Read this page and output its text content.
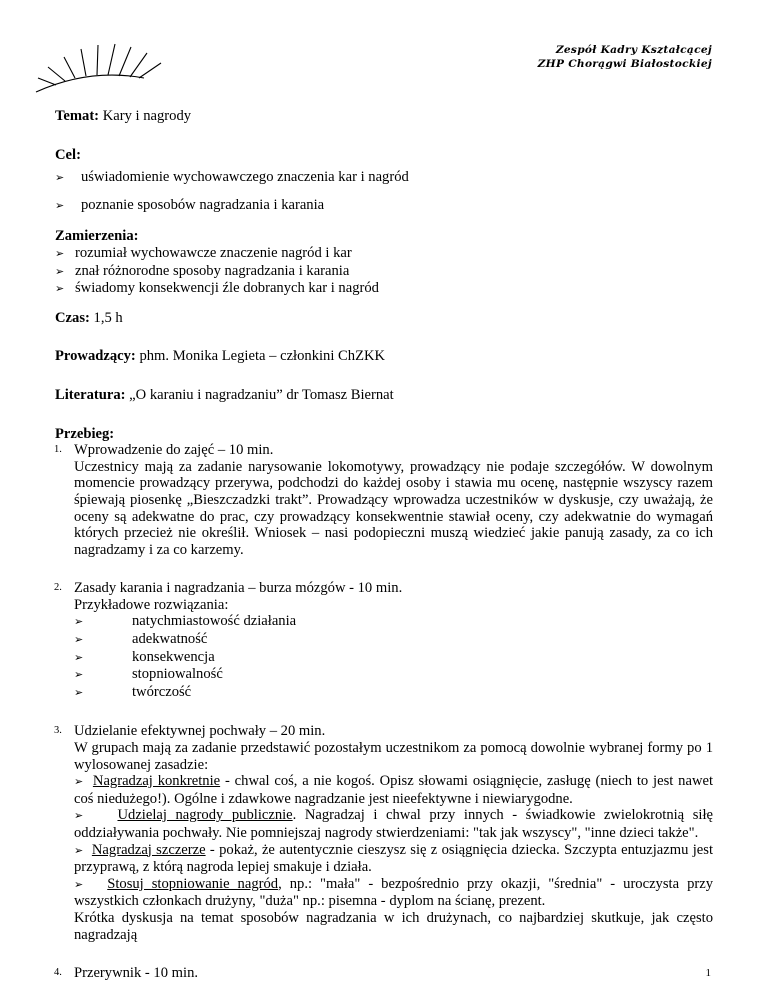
Zespół Kadry Kształcącej
ZHP Chorągwi Białostockiej

Temat: Kary i nagrody

Cel:

➢	uświadomienie wychowawczego znaczenia kar i nagród
➢	poznanie sposobów nagradzania i karania

Zamierzenia:

➢ rozumiał wychowawcze znaczenie nagród i kar
➢ znał różnorodne sposoby nagradzania i karania
➢ świadomy konsekwencji źle dobranych kar i nagród

Czas: 1,5 h

Prowadzący: phm. Monika Legieta – członkini ChZKK

Literatura: „O karaniu i nagradzaniu” dr Tomasz Biernat

Przebieg:

1. Wprowadzenie do zajęć – 10 min.

Uczestnicy mają za zadanie narysowanie lokomotywy, prowadzący nie podaje szczegółów. W dowolnym momencie prowadzący przerywa, podchodzi do każdej osoby i stawia mu ocenę, następnie wszyscy razem śpiewają piosenkę „Bieszczadzki trakt”. Prowadzący wprowadza uczestników w dyskusje, czy uważają, że oceny są adekwatne do prac, czy prowadzący konsekwentnie stawiał oceny, czy adekwatnie do wymagań których przecież nie określił. Wniosek – nasi podopieczni muszą wiedzieć jakie panują zasady, za co ich nagradzamy i za co karzemy.

2. Zasady karania i nagradzania – burza mózgów - 10 min.

Przykładowe rozwiązania:

➢	natychmiastowość działania
➢	adekwatność
➢	konsekwencja
➢	stopniowalność
➢	twórczość
3. Udzielanie efektywnej pochwały – 20 min.

W grupach mają za zadanie przedstawić pozostałym uczestnikom za pomocą dowolnie wybranej formy po 1 wylosowanej zasadzie:

➢ Nagradzaj konkretnie - chwal coś, a nie kogoś. Opisz słowami osiągnięcie, zasługę (niech to jest nawet coś niedużego!). Ogólne i zdawkowe nagradzanie jest nieefektywne i niewiarygodne.

➢ Udzielaj nagrody publicznie. Nagradzaj i chwal przy innych - świadkowie zwielokrotnią siłę oddziaływania pochwały. Nie pomniejszaj nagrody stwierdzeniami: "tak jak wszyscy", "inne dzieci także".

➢ Nagradzaj szczerze - pokaż, że autentycznie cieszysz się z osiągnięcia dziecka. Szczypta entuzjazmu jest przyprawą, z którą nagroda lepiej smakuje i działa.

➢ Stosuj stopniowanie nagród, np.: "mała" - bezpośrednio przy okazji, "średnia" - uroczysta przy wszystkich członkach drużyny, "duża" np.: pisemna - dyplom na ścianę, prezent.

Krótka dyskusja na temat sposobów nagradzania w ich drużynach, co najbardziej skutkuje, jak często nagradzają

4. Przerywnik - 10 min.	1
